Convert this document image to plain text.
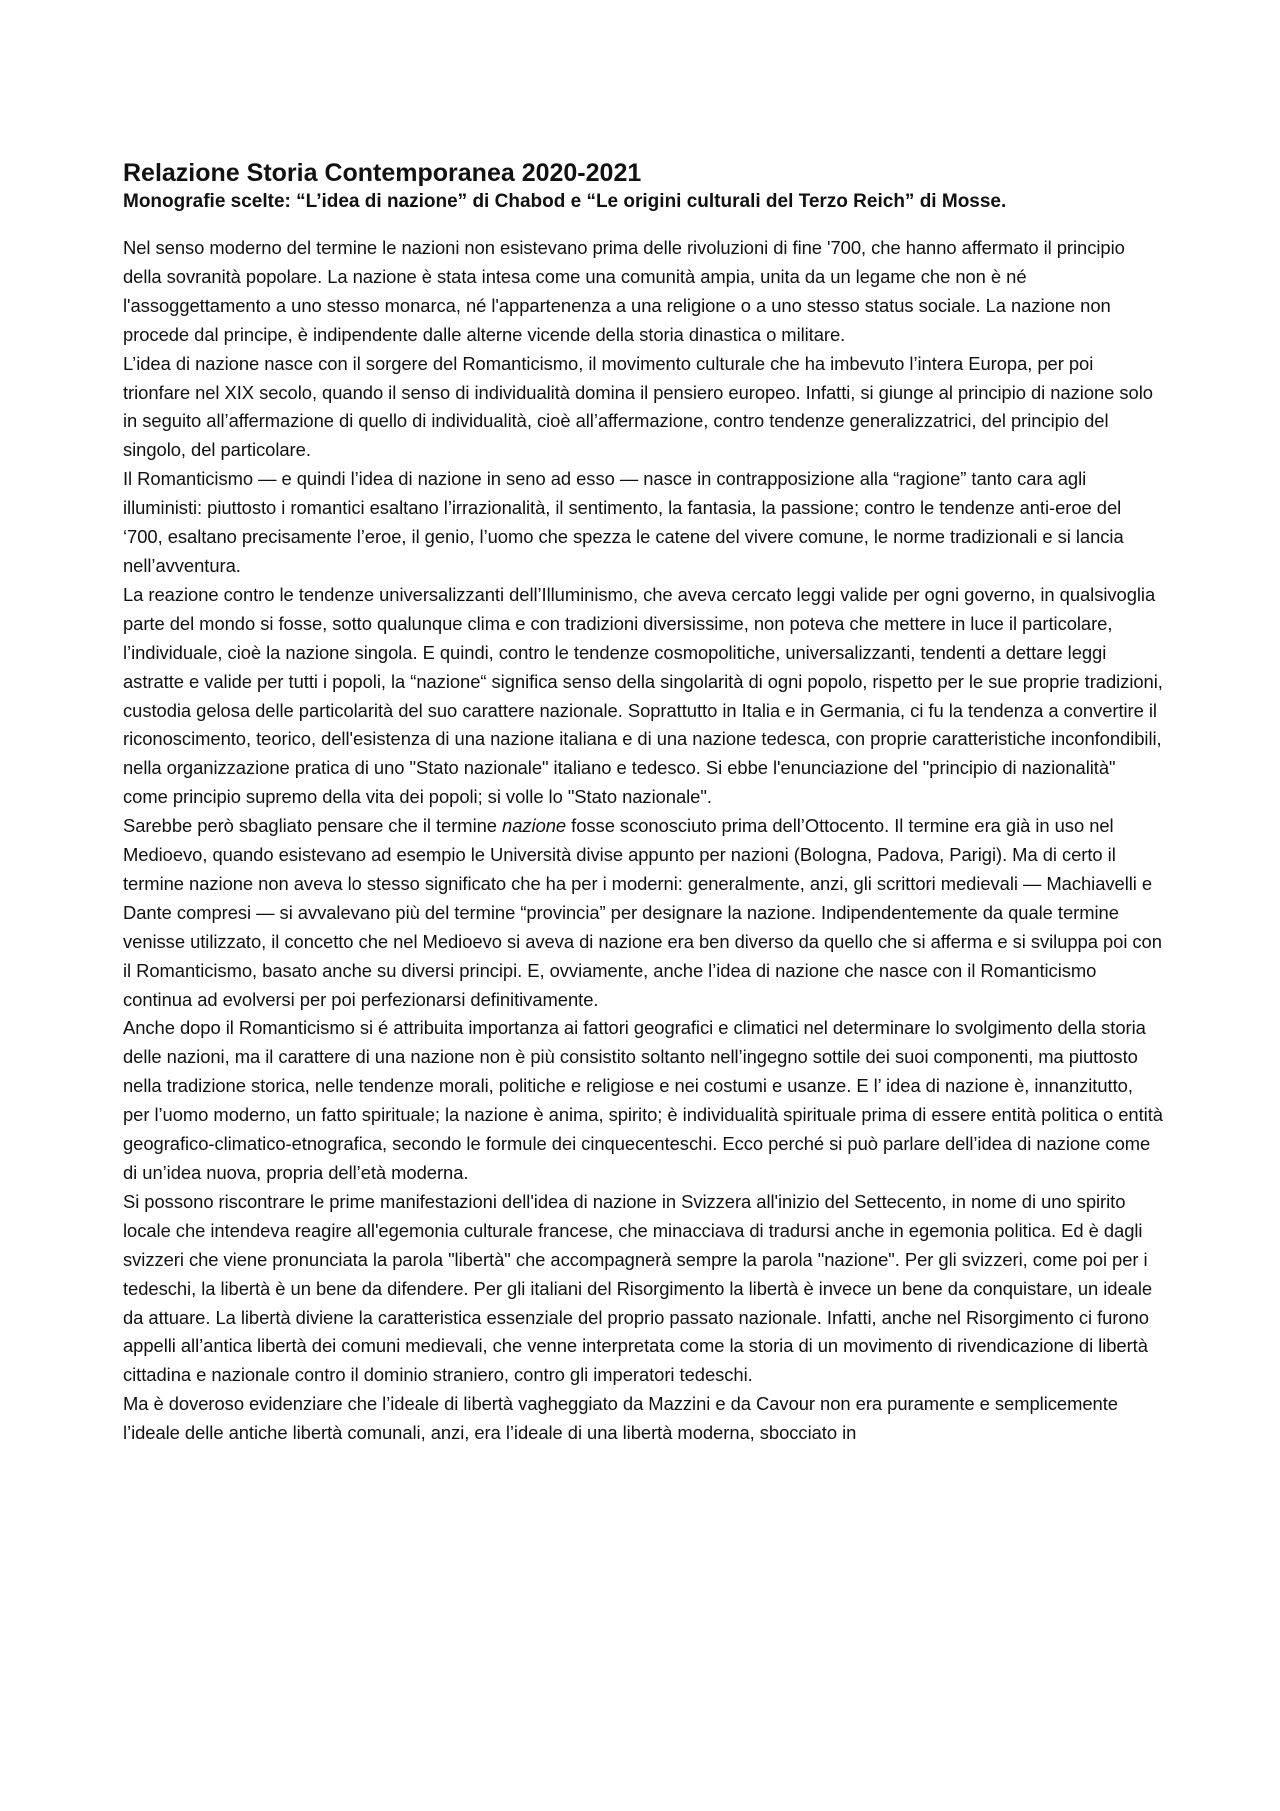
Relazione Storia Contemporanea 2020-2021
Monografie scelte: “L’idea di nazione” di Chabod e “Le origini culturali del Terzo Reich” di Mosse.

Nel senso moderno del termine le nazioni non esistevano prima delle rivoluzioni di fine '700, che hanno affermato il principio della sovranità popolare. La nazione è stata intesa come una comunità ampia, unita da un legame che non è né l'assoggettamento a uno stesso monarca, né l'appartenenza a una religione o a uno stesso status sociale. La nazione non procede dal principe, è indipendente dalle alterne vicende della storia dinastica o militare.

L’idea di nazione nasce con il sorgere del Romanticismo, il movimento culturale che ha imbevuto l’intera Europa, per poi trionfare nel XIX secolo, quando il senso di individualità domina il pensiero europeo. Infatti, si giunge al principio di nazione solo in seguito all’affermazione di quello di individualità, cioè all’affermazione, contro tendenze generalizzatrici, del principio del singolo, del particolare.

Il Romanticismo — e quindi l’idea di nazione in seno ad esso — nasce in contrapposizione alla “ragione” tanto cara agli illuministi: piuttosto i romantici esaltano l’irrazionalità, il sentimento, la fantasia, la passione; contro le tendenze anti-eroe del ‘700, esaltano precisamente l’eroe, il genio, l’uomo che spezza le catene del vivere comune, le norme tradizionali e si lancia nell’avventura.

La reazione contro le tendenze universalizzanti dell’Illuminismo, che aveva cercato leggi valide per ogni governo, in qualsivoglia parte del mondo si fosse, sotto qualunque clima e con tradizioni diversissime, non poteva che mettere in luce il particolare, l’individuale, cioè la nazione singola. E quindi, contro le tendenze cosmopolitiche, universalizzanti, tendenti a dettare leggi astratte e valide per tutti i popoli, la “nazione“ significa senso della singolarità di ogni popolo, rispetto per le sue proprie tradizioni, custodia gelosa delle particolarità del suo carattere nazionale. Soprattutto in Italia e in Germania, ci fu la tendenza a convertire il riconoscimento, teorico, dell'esistenza di una nazione italiana e di una nazione tedesca, con proprie caratteristiche inconfondibili, nella organizzazione pratica di uno "Stato nazionale" italiano e tedesco. Si ebbe l'enunciazione del "principio di nazionalità" come principio supremo della vita dei popoli; si volle lo "Stato nazionale".

Sarebbe però sbagliato pensare che il termine nazione fosse sconosciuto prima dell’Ottocento. Il termine era già in uso nel Medioevo, quando esistevano ad esempio le Università divise appunto per nazioni (Bologna, Padova, Parigi). Ma di certo il termine nazione non aveva lo stesso significato che ha per i moderni: generalmente, anzi, gli scrittori medievali — Machiavelli e Dante compresi — si avvalevano più del termine “provincia” per designare la nazione. Indipendentemente da quale termine venisse utilizzato, il concetto che nel Medioevo si aveva di nazione era ben diverso da quello che si afferma e si sviluppa poi con il Romanticismo, basato anche su diversi principi. E, ovviamente, anche l’idea di nazione che nasce con il Romanticismo continua ad evolversi per poi perfezionarsi definitivamente.

Anche dopo il Romanticismo si é attribuita importanza ai fattori geografici e climatici nel determinare lo svolgimento della storia delle nazioni, ma il carattere di una nazione non è più consistito soltanto nell’ingegno sottile dei suoi componenti, ma piuttosto nella tradizione storica, nelle tendenze morali, politiche e religiose e nei costumi e usanze. E l’ idea di nazione è, innanzitutto, per l’uomo moderno, un fatto spirituale; la nazione è anima, spirito; è individualità spirituale prima di essere entità politica o entità geografico-climatico-etnografica, secondo le formule dei cinquecenteschi. Ecco perché si può parlare dell’idea di nazione come di un’idea nuova, propria dell’età moderna.

Si possono riscontrare le prime manifestazioni dell'idea di nazione in Svizzera all'inizio del Settecento, in nome di uno spirito locale che intendeva reagire all'egemonia culturale francese, che minacciava di tradursi anche in egemonia politica. Ed è dagli svizzeri che viene pronunciata la parola "libertà" che accompagnerà sempre la parola "nazione". Per gli svizzeri, come poi per i tedeschi, la libertà è un bene da difendere. Per gli italiani del Risorgimento la libertà è invece un bene da conquistare, un ideale da attuare. La libertà diviene la caratteristica essenziale del proprio passato nazionale. Infatti, anche nel Risorgimento ci furono appelli all’antica libertà dei comuni medievali, che venne interpretata come la storia di un movimento di rivendicazione di libertà cittadina e nazionale contro il dominio straniero, contro gli imperatori tedeschi.

Ma è doveroso evidenziare che l’ideale di libertà vagheggiato da Mazzini e da Cavour non era puramente e semplicemente l’ideale delle antiche libertà comunali, anzi, era l’ideale di una libertà moderna, sbocciato in
